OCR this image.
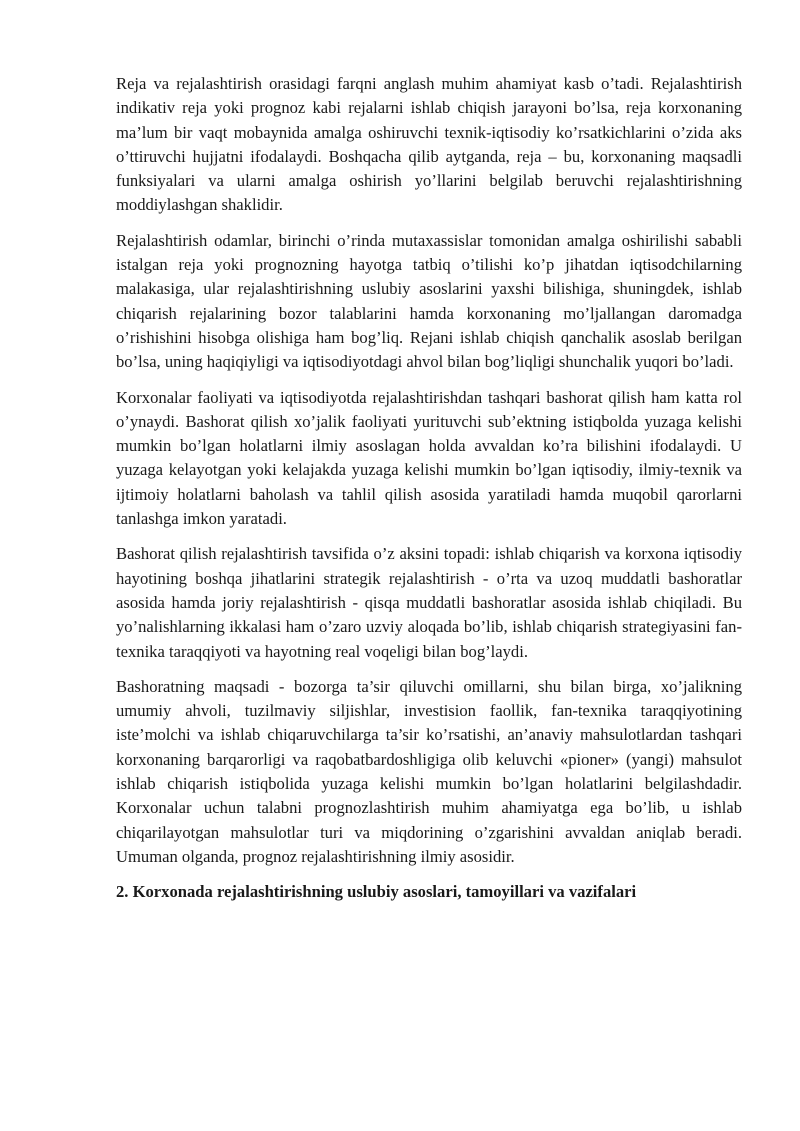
Reja va rejalashtirish orasidagi farqni anglash muhim ahamiyat kasb o’tadi. Rejalashtirish indikativ reja yoki prognoz kabi rejalarni ishlab chiqish jarayoni bo’lsa, reja korxonaning ma’lum bir vaqt mobaynida amalga oshiruvchi texnik-iqtisodiy ko’rsatkichlarini o’zida aks o’ttiruvchi hujjatni ifodalaydi. Boshqacha qilib aytganda, reja – bu, korxonaning maqsadli funksiyalari va ularni amalga oshirish yo’llarini belgilab beruvchi rejalashtirishning moddiylashgan shaklidir.

Rejalashtirish odamlar, birinchi o’rinda mutaxassislar tomonidan amalga oshirilishi sababli istalgan reja yoki prognozning hayotga tatbiq o’tilishi ko’p jihatdan iqtisodchilarning malakasiga, ular rejalashtirishning uslubiy asoslarini yaxshi bilishiga, shuningdek, ishlab chiqarish rejalarining bozor talablarini hamda korxonaning mo’ljallangan daromadga o’rishishini hisobga olishiga ham bog’liq. Rejani ishlab chiqish qanchalik asoslab berilgan bo’lsa, uning haqiqiyligi va iqtisodiyotdagi ahvol bilan bog’liqligi shunchalik yuqori bo’ladi.

Korxonalar faoliyati va iqtisodiyotda rejalashtirishdan tashqari bashorat qilish ham katta rol o’ynaydi. Bashorat qilish xo’jalik faoliyati yurituvchi sub’ektning istiqbolda yuzaga kelishi mumkin bo’lgan holatlarni ilmiy asoslagan holda avvaldan ko’ra bilishini ifodalaydi. U yuzaga kelayotgan yoki kelajakda yuzaga kelishi mumkin bo’lgan iqtisodiy, ilmiy-texnik va ijtimoiy holatlarni baholash va tahlil qilish asosida yaratiladi hamda muqobil qarorlarni tanlashga imkon yaratadi.

Bashorat qilish rejalashtirish tavsifida o’z aksini topadi: ishlab chiqarish va korxona iqtisodiy hayotining boshqa jihatlarini strategik rejalashtirish - o’rta va uzoq muddatli bashoratlar asosida hamda joriy rejalashtirish - qisqa muddatli bashoratlar asosida ishlab chiqiladi. Bu yo’nalishlarning ikkalasi ham o’zaro uzviy aloqada bo’lib, ishlab chiqarish strategiyasini fan-texnika taraqqiyoti va hayotning real voqeligi bilan bog’laydi.

Bashoratning maqsadi - bozorga ta’sir qiluvchi omillarni, shu bilan birga, xo’jalikning umumiy ahvoli, tuzilmaviy siljishlar, investision faollik, fan-texnika taraqqiyotining iste’molchi va ishlab chiqaruvchilarga ta’sir ko’rsatishi, an’anaviy mahsulotlardan tashqari korxonaning barqarorligi va raqobatbardoshligiga olib keluvchi «pioner» (yangi) mahsulot ishlab chiqarish istiqbolida yuzaga kelishi mumkin bo’lgan holatlarini belgilashdadir. Korxonalar uchun talabni prognozlashtirish muhim ahamiyatga ega bo’lib, u ishlab chiqarilayotgan mahsulotlar turi va miqdorining o’zgarishini avvaldan aniqlab beradi. Umuman olganda, prognoz rejalashtirishning ilmiy asosidir.

2. Korxonada rejalashtirishning uslubiy asoslari, tamoyillari va vazifalari
